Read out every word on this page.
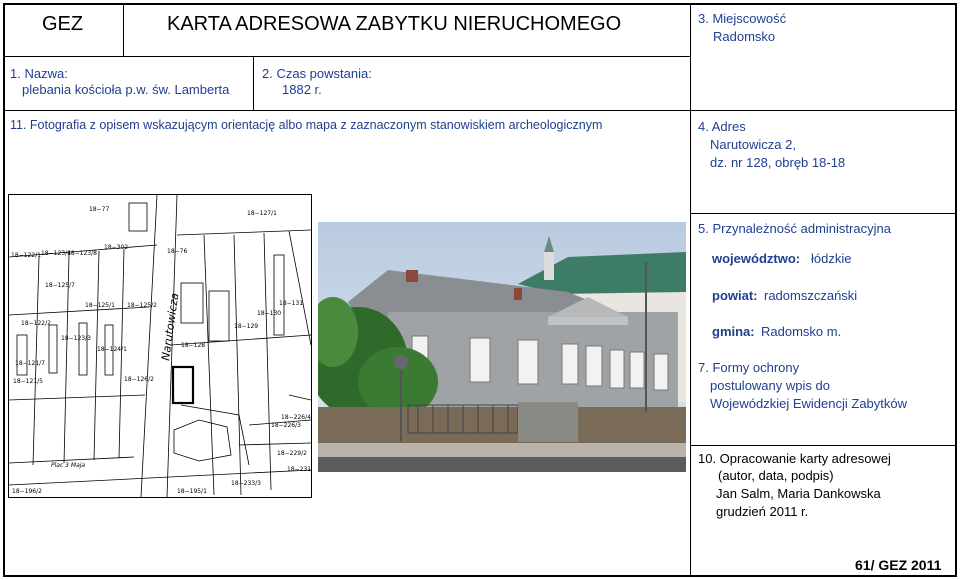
GEZ	KARTA ADRESOWA ZABYTKU NIERUCHOMEGO	3. Miejscowość
Radomsko
1. Nazwa:
plebania kościoła p.w. św. Lamberta
2. Czas powstania:
1882 r.
11. Fotografia z opisem wskazującym orientację albo mapa z zaznaczonym stanowiskiem archeologicznym	4. Adres
Narutowicza 2,
dz. nr 128, obręb 18-18
5. Przynależność administracyjna
województwo: łódzkie
powiat: radomszczański
gmina: Radomsko m.
7. Formy ochrony
postulowany wpis do
Wojewódzkiej Ewidencji Zabytków
10. Opracowanie karty adresowej
(autor, data, podpis)
Jan Salm, Maria Dankowska
grudzień 2011 r.
61/ GEZ 2011
18−77
18−127/1
18−122/1 18−123/4
18−123/8
18−302
18−76
18−125/7
18−125/1 18−125/2	18−131
18−130
18−122/2	18−129
18−123/3
18−124/1
18−128
18−121/7
18−121/5	18−126/2
18−226/4
18−226/3
18−229/2
18−231
18−233/3
18−196/2	18−195/1
Plac 3 Maja
Narutowicza
